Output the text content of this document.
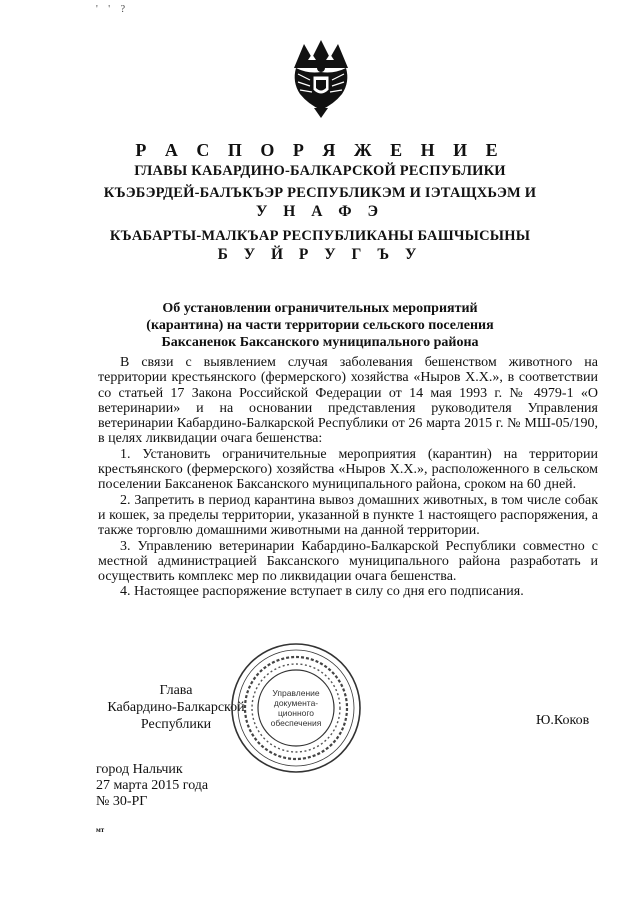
' ' ?
Р А С П О Р Я Ж Е Н И Е
ГЛАВЫ КАБАРДИНО-БАЛКАРСКОЙ РЕСПУБЛИКИ
КЪЭБЭРДЕЙ-БАЛЪКЪЭР РЕСПУБЛИКЭМ И ІЭТАЩХЬЭМ И
У Н А Ф Э
КЪАБАРТЫ-МАЛКЪАР РЕСПУБЛИКАНЫ БАШЧЫСЫНЫ
Б У Й Р У Г Ъ У
Об установлении ограничительных мероприятий
(карантина) на части территории сельского поселения
Баксаненок Баксанского муниципального района

В связи с выявлением случая заболевания бешенством животного на территории крестьянского (фермерского) хозяйства «Ныров Х.Х.», в соответствии со статьей 17 Закона Российской Федерации от 14 мая 1993 г. № 4979-1 «О ветеринарии» и на основании представления руководителя Управления ветеринарии Кабардино-Балкарской Республики от 26 марта 2015 г. № МШ-05/190, в целях ликвидации очага бешенства:

1. Установить ограничительные мероприятия (карантин) на территории крестьянского (фермерского) хозяйства «Ныров Х.Х.», расположенного в сельском поселении Баксаненок Баксанского муниципального района, сроком на 60 дней.

2. Запретить в период карантина вывоз домашних животных, в том числе собак и кошек, за пределы территории, указанной в пункте 1 настоящего распоряжения, а также торговлю домашними животными на данной территории.

3. Управлению ветеринарии Кабардино-Балкарской Республики совместно с местной администрацией Баксанского муниципального района разработать и осуществить комплекс мер по ликвидации очага бешенства.

4. Настоящее распоряжение вступает в силу со дня его подписания.

Глава
Кабардино-Балкарской
Республики
Управление
документа-
ционного
обеспечения	Ю.Коков
город Нальчик
27 марта 2015 года
№ 30-РГ
мт
